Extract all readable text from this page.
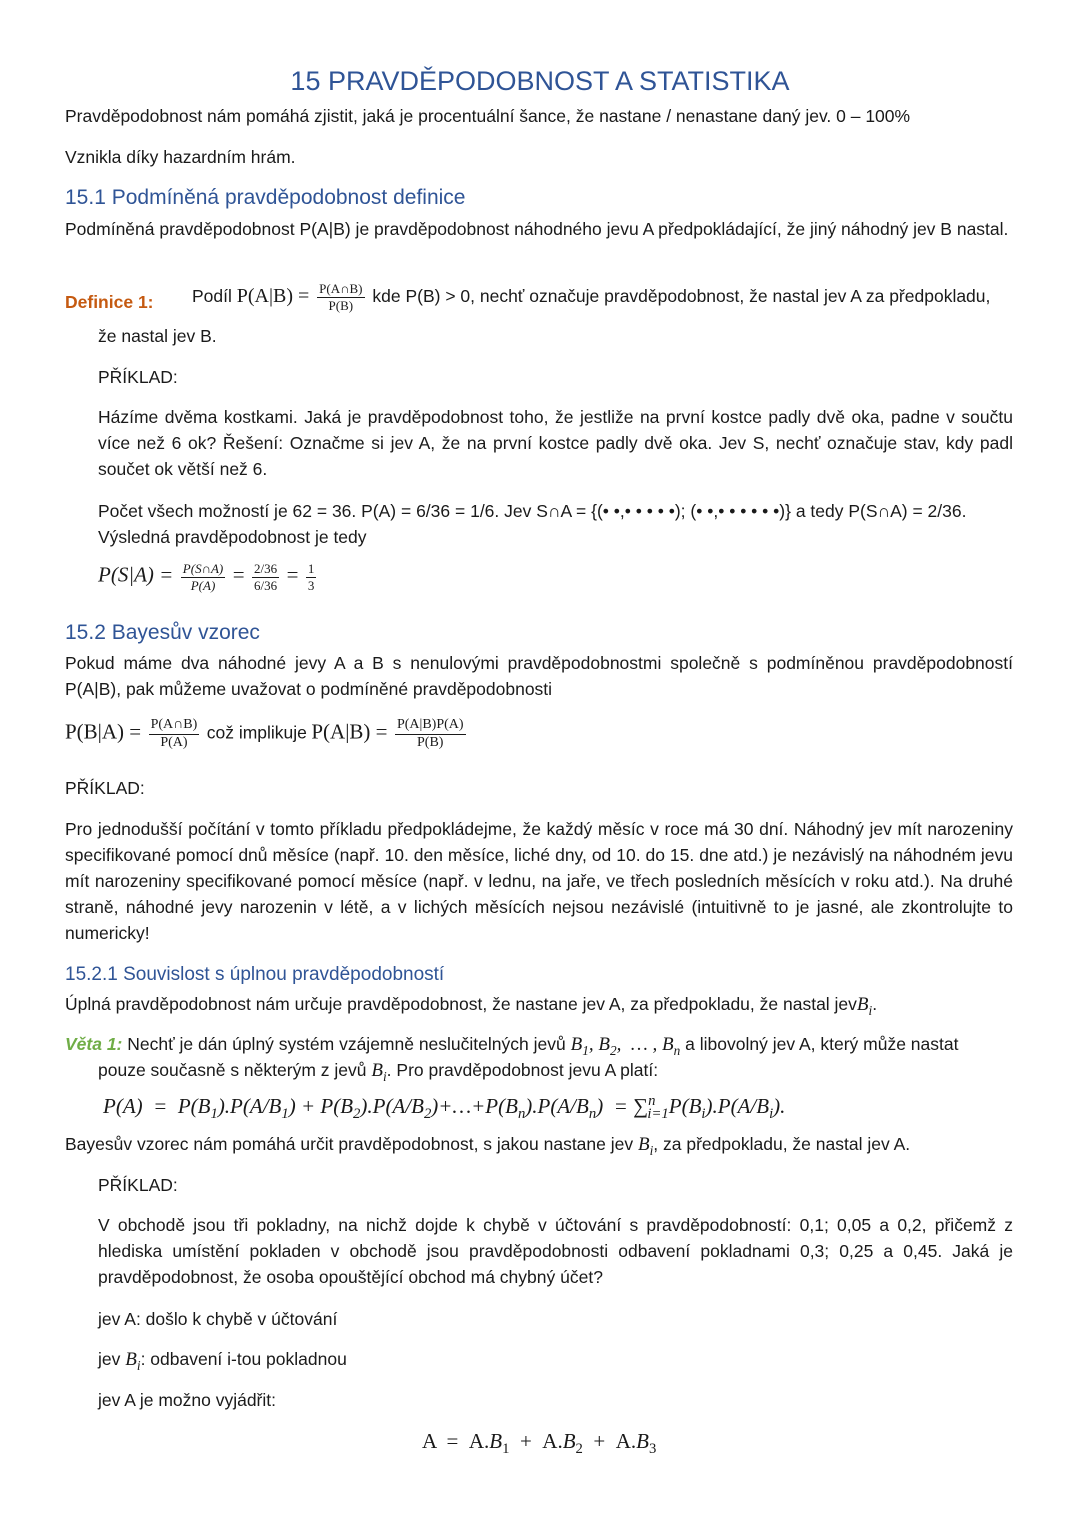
15 PRAVDĚPODOBNOST A STATISTIKA
Pravděpodobnost nám pomáhá zjistit, jaká je procentuální šance, že nastane / nenastane daný jev. 0 – 100%
Vznikla díky hazardním hrám.
15.1 Podmíněná pravděpodobnost definice
Podmíněná pravděpodobnost P(A|B) je pravděpodobnost náhodného jevu A předpokládající, že jiný náhodný jev B nastal.
Definice 1: Podíl $P(A|B) = \frac{P(A\cap B)}{P(B)}$ kde P(B) > 0, nechť označuje pravděpodobnost, že nastal jev A za předpokladu,
že nastal jev B.
PŘÍKLAD:
Házíme dvěma kostkami. Jaká je pravděpodobnost toho, že jestliže na první kostce padly dvě oka, padne v součtu více než 6 ok? Řešení: Označme si jev A, že na první kostce padly dvě oka. Jev S, nechť označuje stav, kdy padl součet ok větší než 6.
Počet všech možností je 62 = 36. P(A) = 6/36 = 1/6. Jev S∩A = {(• •,• • • • •); (• •,• • • • • •)} a tedy P(S∩A) = 2/36.
Výsledná pravděpodobnost je tedy
$P(S|A) = \frac{P(S\cap A)}{P(A)} = \frac{2/36}{6/36} = \frac{1}{3}$
15.2 Bayesův vzorec
Pokud máme dva náhodné jevy A a B s nenulovými pravděpodobnostmi společně s podmíněnou pravděpodobností P(A|B), pak můžeme uvažovat o podmíněné pravděpodobnosti
$P(B|A) = \frac{P(A\cap B)}{P(A)}$ což implikuje $P(A|B) = \frac{P(A|B)P(A)}{P(B)}$
PŘÍKLAD:
Pro jednodušší počítání v tomto příkladu předpokládejme, že každý měsíc v roce má 30 dní. Náhodný jev mít narozeniny specifikované pomocí dnů měsíce (např. 10. den měsíce, liché dny, od 10. do 15. dne atd.) je nezávislý na náhodném jevu mít narozeniny specifikované pomocí měsíce (např. v lednu, na jaře, ve třech posledních měsících v roku atd.). Na druhé straně, náhodné jevy narozenin v létě, a v lichých měsících nejsou nezávislé (intuitivně to je jasné, ale zkontrolujte to numericky!
15.2.1 Souvislost s úplnou pravděpodobností
Úplná pravděpodobnost nám určuje pravděpodobnost, že nastane jev A, za předpokladu, že nastal jevB$_i$.
Věta 1: Nechť je dán úplný systém vzájemně neslučitelných jevů $B_1$, $B_2$,  … , $B_n$ a libovolný jev A, který může nastat
pouze současně s některým z jevů $B_i$. Pro pravděpodobnost jevu A platí:
$P(A) = P(B_1).P(A/B_1)$ + $P(B_2).P(A/B_2)+\dots+P(B_n).P(A/B_n) = \sum^n_{i=1}P(B_i).P(A/B_i)$.
Bayesův vzorec nám pomáhá určit pravděpodobnost, s jakou nastane jev $B_i$, za předpokladu, že nastal jev A.
PŘÍKLAD:
V obchodě jsou tři pokladny, na nichž dojde k chybě v účtování s pravděpodobností: 0,1; 0,05 a 0,2, přičemž z hlediska umístění pokladen v obchodě jsou pravděpodobnosti odbavení pokladnami 0,3; 0,25 a 0,45. Jaká je pravděpodobnost, že osoba opouštějící obchod má chybný účet?
jev A: došlo k chybě v účtování
jev $B_i$: odbavení i-tou pokladnou
jev A je možno vyjádřit:
$A = A.B_1 + A.B_2 + A.B_3$
